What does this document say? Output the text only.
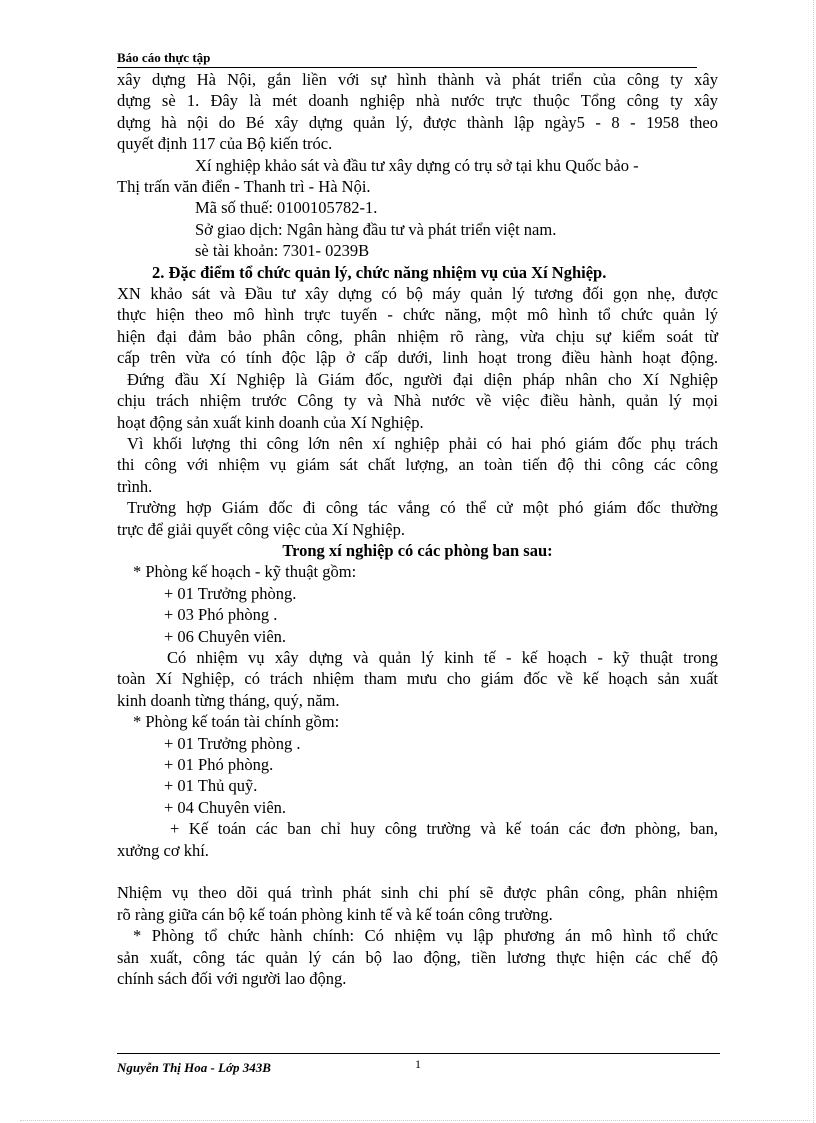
Báo cáo thực tập

xây dựng Hà Nội, gắn liền với sự hình thành và phát triển của công ty xây

dựng sè 1. Đây là mét doanh nghiệp nhà nước trực thuộc Tổng công ty xây

dựng hà nội do Bé xây dựng quản lý, được thành lập ngày5 - 8 - 1958 theo

quyết định 117 của Bộ kiến tróc.

Xí nghiệp khảo sát và đầu tư xây dựng có trụ sở tại khu Quốc bảo -

Thị trấn văn điển - Thanh trì - Hà Nội.

Mã số thuế: 0100105782-1.

Sở giao dịch: Ngân hàng đầu tư và phát triển việt nam.

sè tài khoản: 7301- 0239B

2. Đặc điểm tổ chức quản lý, chức năng nhiệm vụ của Xí Nghiệp.

XN khảo sát và Đầu tư xây dựng có bộ máy quản lý tương đối gọn nhẹ, được

thực hiện theo mô hình trực tuyến - chức năng, một mô hình tổ chức quản lý

hiện đại đảm bảo phân công, phân nhiệm rõ ràng, vừa chịu sự kiểm soát từ

cấp trên vừa có tính độc lập ở cấp dưới, linh hoạt trong điều hành hoạt động.

Đứng đầu Xí Nghiệp là Giám đốc, người đại diện pháp nhân cho Xí Nghiệp

chịu trách nhiệm trước Công ty và Nhà nước về việc điều hành, quản lý mọi

hoạt động sản xuất kinh doanh của Xí Nghiệp.

Vì khối lượng thi công lớn nên xí nghiệp phải có hai phó giám đốc phụ trách

thi công với nhiệm vụ giám sát chất lượng, an toàn tiến độ thi công các công

trình.

Trường hợp Giám đốc đi công tác vắng có thể cử một phó giám đốc thường

trực để giải quyết công việc của Xí Nghiệp.

Trong xí nghiệp có các phòng ban sau:

* Phòng kế hoạch - kỹ thuật gồm:

+ 01 Trưởng phòng.

+ 03 Phó phòng .

+ 06 Chuyên viên.

Có nhiệm vụ xây dựng và quản lý kinh tế - kế hoạch - kỹ thuật trong

toàn Xí Nghiệp, có trách nhiệm tham mưu cho giám đốc về kế hoạch sản xuất

kinh doanh từng tháng, quý, năm.

* Phòng kế toán tài chính gồm:

+ 01 Trưởng phòng .

+ 01 Phó phòng.

+ 01 Thủ quỹ.

+ 04 Chuyên viên.

+ Kế toán các ban chỉ huy công trường và kế toán các đơn phòng, ban,

xưởng cơ khí.

Nhiệm vụ theo dõi quá trình phát sinh chi phí sẽ được phân công, phân nhiệm

rõ ràng giữa cán bộ kế toán phòng kinh tế và kế toán công trường.

* Phòng tổ chức hành chính: Có nhiệm vụ lập phương án mô hình tổ chức

sản xuất, công tác quản lý cán bộ lao động, tiền lương thực hiện các chế độ

chính sách đối với người lao động.

Nguyễn Thị Hoa - Lớp 343B	1
